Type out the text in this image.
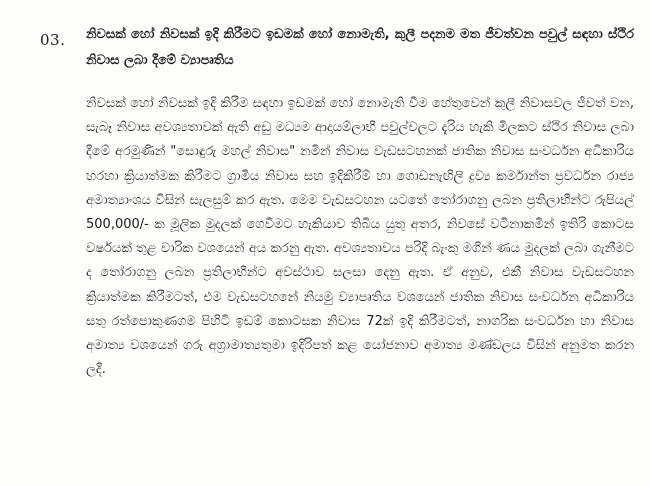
03. නිවසක් හෝ නිවසක් ඉදි කිරීමට ඉඩමක් හෝ නොමැති, කුලී පදනම මත ජීවත්වන පවුල් සඳහා ස්ථිර නිවාස ලබා දීමේ ව්‍යාපෘතිය
නිවසක් හෝ නිවසක් ඉදි කිරීම සඳහා ඉඩමක් හෝ නොමැති වීම හේතුවෙන් කුලී නිවාසවල ජීවත් වන, සැබෑ නිවාස අවශ්‍යතාවක් ඇති අඩු මධ්‍යම ආදායම්ලාභී පවුල්වලට දැරිය හැකි මිලකට ස්ථිර නිවාස ලබා දීමේ අරමුණින් "සොඳුරු මහල් නිවාස" නමින් නිවාස වැඩසටහනක් ජාතික නිවාස සංවර්ධන අධිකාරිය හරහා ක්‍රියාත්මක කිරීමට ග්‍රාමීය නිවාස සහ ඉදිකිරීම් හා ගොඩනැඟිලි ද්‍රව්‍ය කර්මාන්ත ප්‍රවර්ධන රාජ්‍ය අමාත්‍යාංශය විසින් සැලසුම් කර ඇත. මෙම වැඩසටහන යටතේ තෝරාගනු ලබන ප්‍රතිලාභීන්ට රුපියල් 500,000/- ක මූලික මුදලක් ගෙවීමට හැකියාව තිබිය යුතු අතර, නිවසේ වටිනාකමින් ඉතිරි කොටස වර්ෂයක් තුළ වාරික වශයෙන් අය කරනු ඇත. අවශ්‍යතාවය පරිදි බැංකු මගින් ණය මුදලක් ලබා ගැනීමට ද තෝරාගනු ලබන ප්‍රතිලාභීන්ට අවස්ථාව සලසා දෙනු ඇත. ඒ අනුව, එකී නිවාස වැඩසටහන ක්‍රියාත්මක කිරීමටත්, එම වැඩසටහනේ නියමු ව්‍යාපෘතිය වශයෙන් ජාතික නිවාස සංවර්ධන අධිකාරිය සතු රත්පොකුණගම පිහිටි ඉඩම් කොටසක නිවාස 72ක් ඉදි කිරීමටත්, නාගරික සංවර්ධන හා නිවාස අමාත්‍ය වශයෙන් ගරු අග්‍රාමාත්‍යතුමා ඉදිරිපත් කළ යෝජනාව අමාත්‍ය මණ්ඩලය විසින් අනුමත කරන ලදී.
